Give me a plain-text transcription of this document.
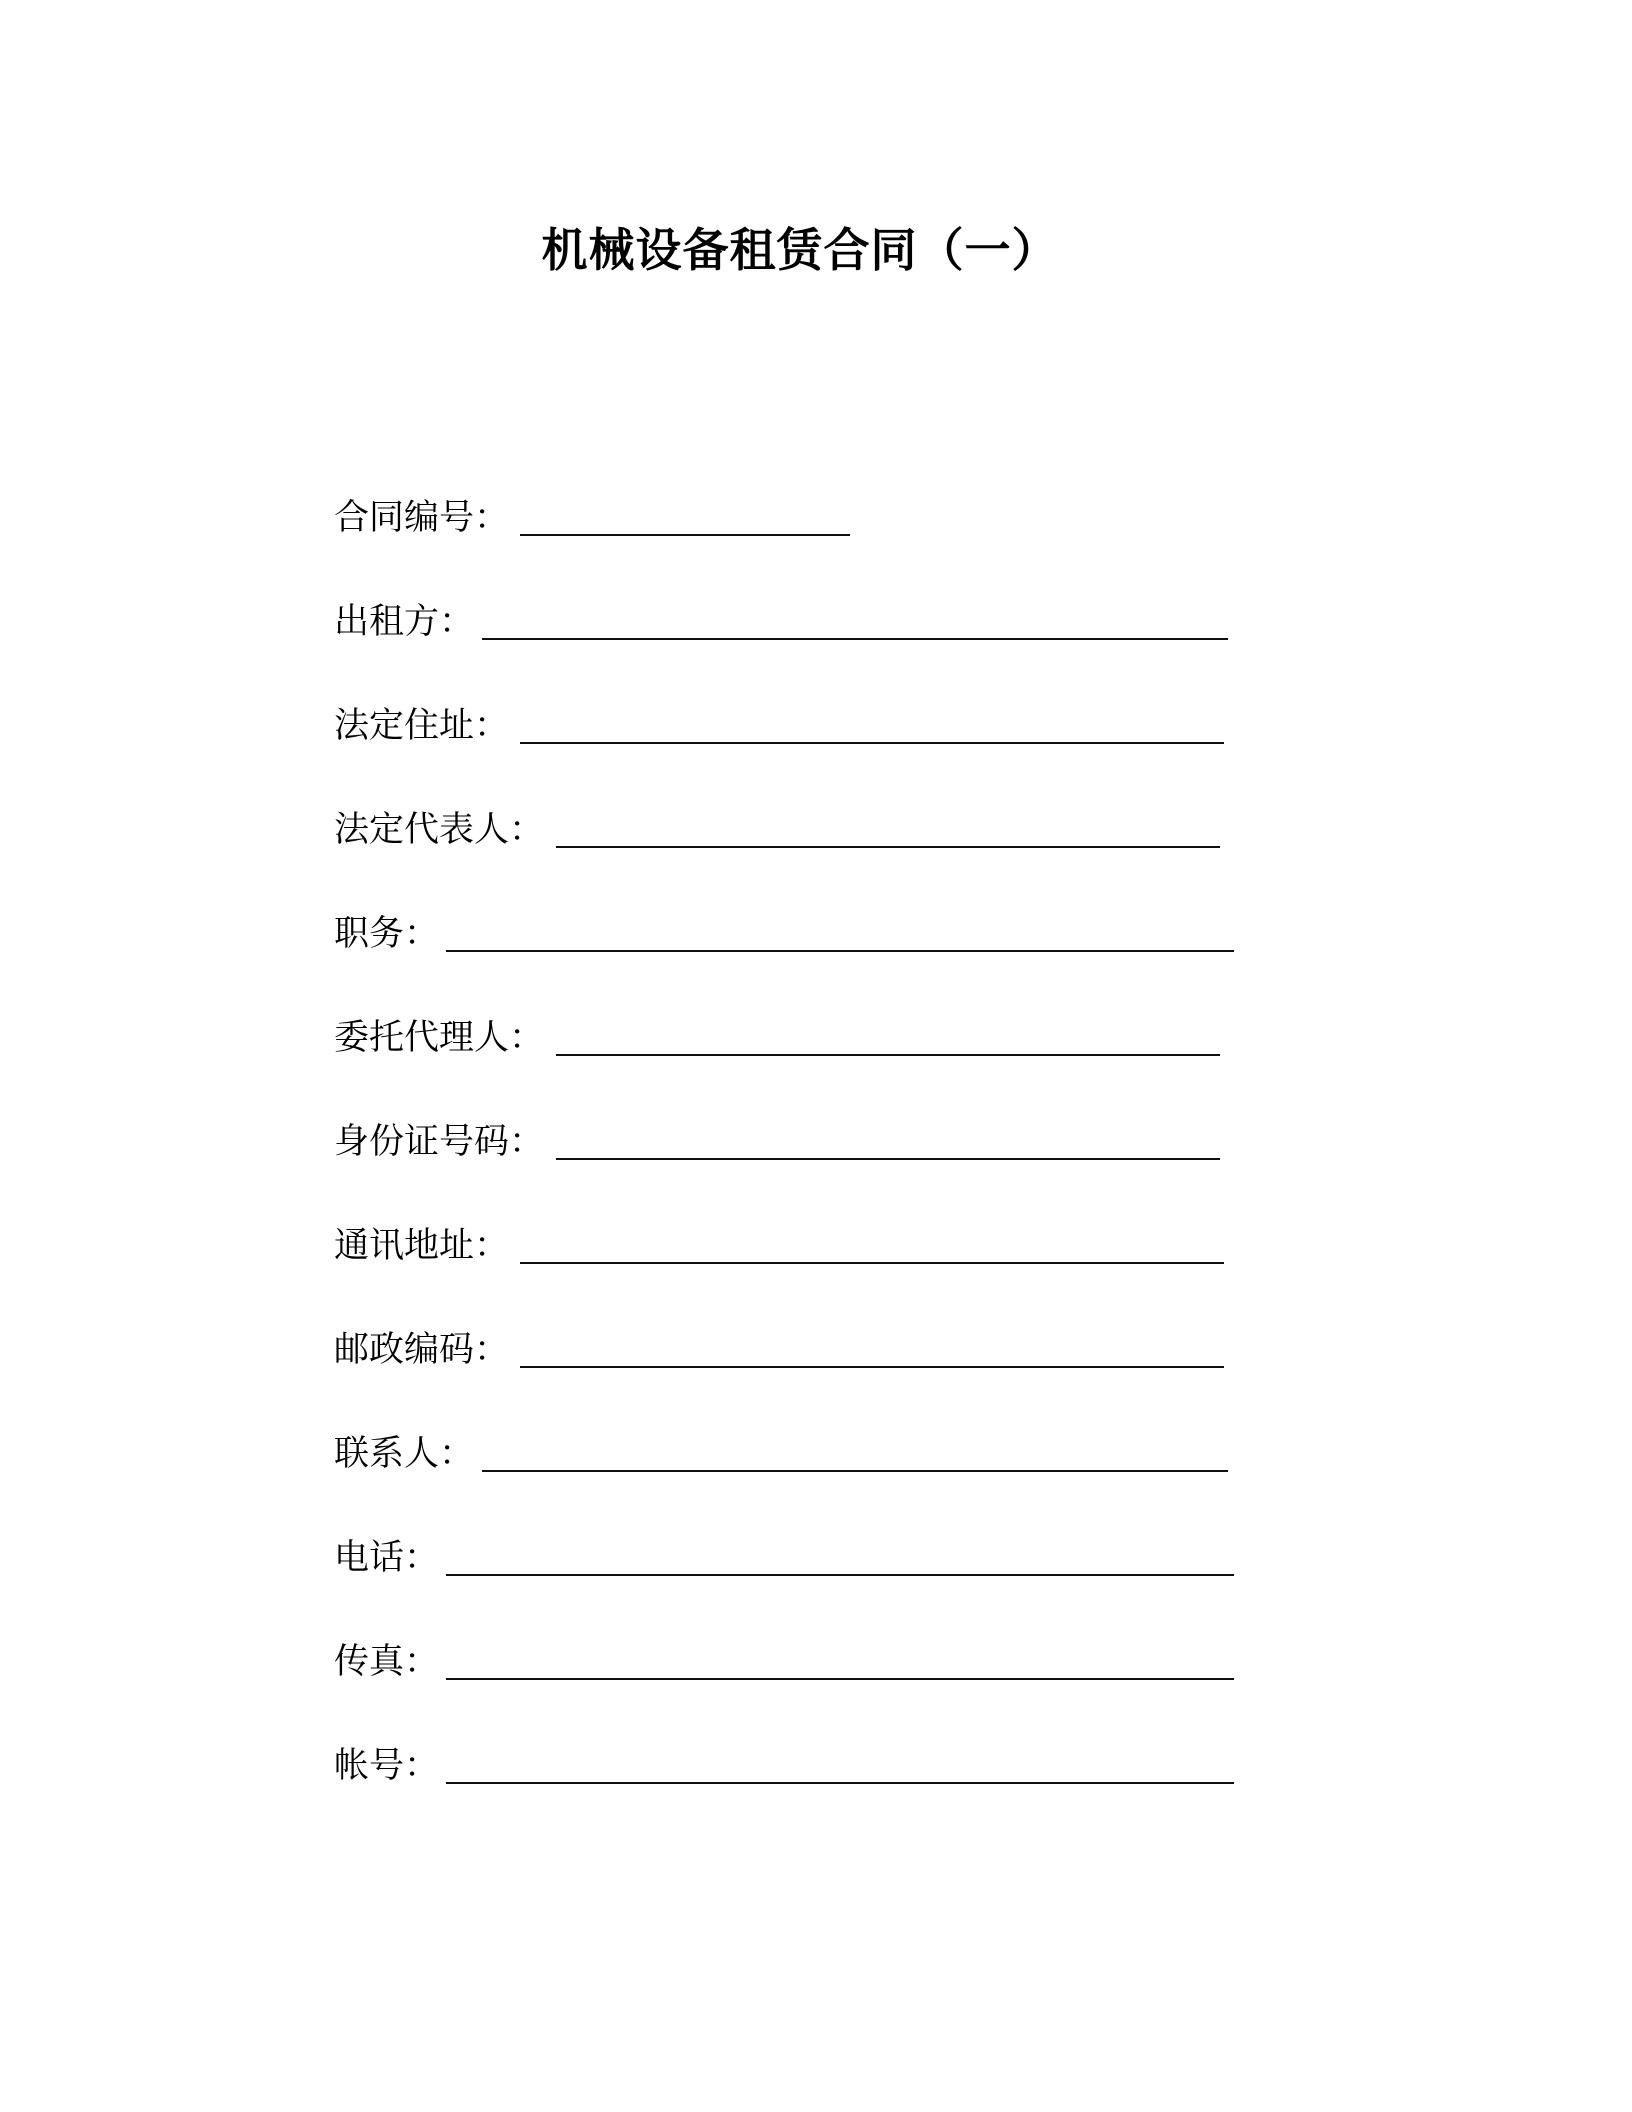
机械设备租赁合同（一）
合同编号：
出租方：
法定住址：
法定代表人：
职务：
委托代理人：
身份证号码：
通讯地址：
邮政编码：
联系人：
电话：
传真：
帐号：
